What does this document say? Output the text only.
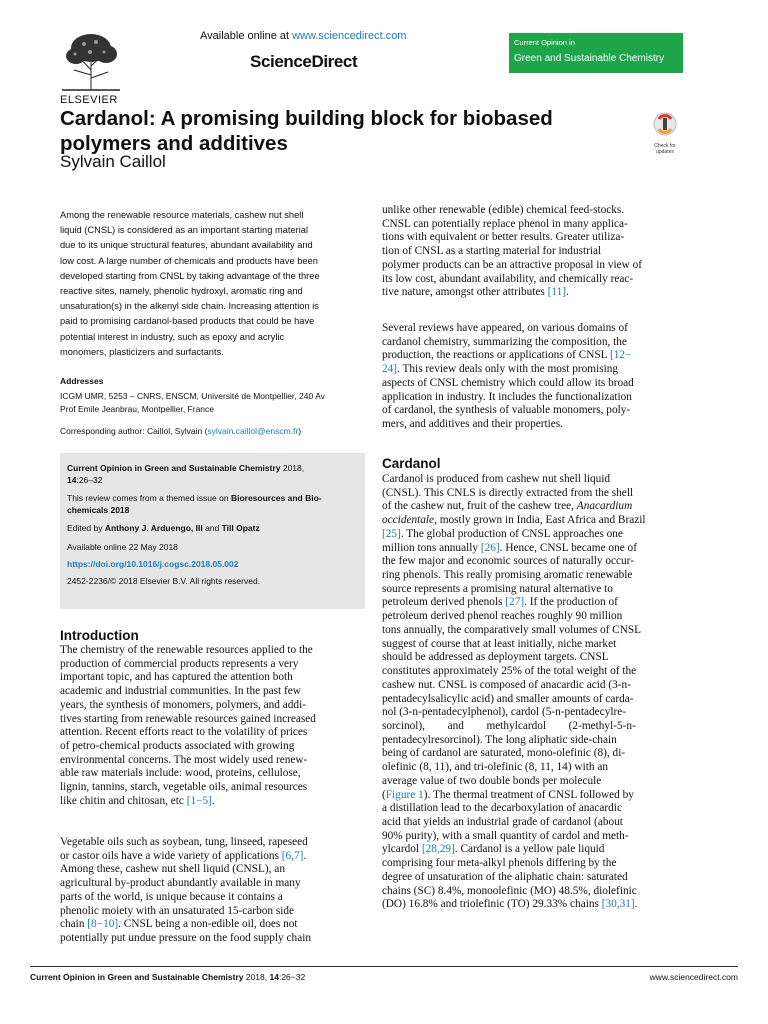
ELSEVIER
Available online at www.sciencedirect.com
ScienceDirect
Current Opinion in
Green and Sustainable Chemistry
Cardanol: A promising building block for biobased
polymers and additives
Sylvain Caillol
Check for
updates
Among the renewable resource materials, cashew nut shell
liquid (CNSL) is considered as an important starting material
due to its unique structural features, abundant availability and
low cost. A large number of chemicals and products have been
developed starting from CNSL by taking advantage of the three
reactive sites, namely, phenolic hydroxyl, aromatic ring and
unsaturation(s) in the alkenyl side chain. Increasing attention is
paid to promising cardanol-based products that could be have
potential interest in industry, such as epoxy and acrylic
monomers, plasticizers and surfactants.
Addresses
ICGM UMR, 5253 – CNRS, ENSCM, Université de Montpellier, 240 Av
Prof Emile Jeanbrau, Montpellier, France
Corresponding author: Caillol, Sylvain (sylvain.caillol@enscm.fr)
Current Opinion in Green and Sustainable Chemistry 2018,
14:26–32
This review comes from a themed issue on Bioresources and Bio-
chemicals 2018
Edited by Anthony J. Arduengo, III and Till Opatz
Available online 22 May 2018
https://doi.org/10.1016/j.cogsc.2018.05.002
2452-2236/© 2018 Elsevier B.V. All rights reserved.
Introduction
The chemistry of the renewable resources applied to the
production of commercial products represents a very
important topic, and has captured the attention both
academic and industrial communities. In the past few
years, the synthesis of monomers, polymers, and addi-
tives starting from renewable resources gained increased
attention. Recent efforts react to the volatility of prices
of petro-chemical products associated with growing
environmental concerns. The most widely used renew-
able raw materials include: wood, proteins, cellulose,
lignin, tannins, starch, vegetable oils, animal resources
like chitin and chitosan, etc [1−5].
Vegetable oils such as soybean, tung, linseed, rapeseed
or castor oils have a wide variety of applications [6,7].
Among these, cashew nut shell liquid (CNSL), an
agricultural by-product abundantly available in many
parts of the world, is unique because it contains a
phenolic moiety with an unsaturated 15-carbon side
chain [8−10]. CNSL being a non-edible oil, does not
potentially put undue pressure on the food supply chain
unlike other renewable (edible) chemical feed-stocks.
CNSL can potentially replace phenol in many applica-
tions with equivalent or better results. Greater utiliza-
tion of CNSL as a starting material for industrial
polymer products can be an attractive proposal in view of
its low cost, abundant availability, and chemically reac-
tive nature, amongst other attributes [11].
Several reviews have appeared, on various domains of
cardanol chemistry, summarizing the composition, the
production, the reactions or applications of CNSL [12−
24]. This review deals only with the most promising
aspects of CNSL chemistry which could allow its broad
application in industry. It includes the functionalization
of cardanol, the synthesis of valuable monomers, poly-
mers, and additives and their properties.
Cardanol
Cardanol is produced from cashew nut shell liquid
(CNSL). This CNLS is directly extracted from the shell
of the cashew nut, fruit of the cashew tree, Anacardium
occidentale, mostly grown in India, East Africa and Brazil
[25]. The global production of CNSL approaches one
million tons annually [26]. Hence, CNSL became one of
the few major and economic sources of naturally occur-
ring phenols. This really promising aromatic renewable
source represents a promising natural alternative to
petroleum derived phenols [27]. If the production of
petroleum derived phenol reaches roughly 90 million
tons annually, the comparatively small volumes of CNSL
suggest of course that at least initially, niche market
should be addressed as deployment targets. CNSL
constitutes approximately 25% of the total weight of the
cashew nut. CNSL is composed of anacardic acid (3-n-
pentadecylsalicylic acid) and smaller amounts of carda-
nol (3-n-pentadecylphenol), cardol (5-n-pentadecylre-
sorcinol),        and        methylcardol        (2-methyl-5-n-
pentadecylresorcinol). The long aliphatic side-chain
being of cardanol are saturated, mono-olefinic (8), di-
olefinic (8, 11), and tri-olefinic (8, 11, 14) with an
average value of two double bonds per molecule
(Figure 1). The thermal treatment of CNSL followed by
a distillation lead to the decarboxylation of anacardic
acid that yields an industrial grade of cardanol (about
90% purity), with a small quantity of cardol and meth-
ylcardol [28,29]. Cardanol is a yellow pale liquid
comprising four meta-alkyl phenols differing by the
degree of unsaturation of the aliphatic chain: saturated
chains (SC) 8.4%, monoolefinic (MO) 48.5%, diolefinic
(DO) 16.8% and triolefinic (TO) 29.33% chains [30,31].
Current Opinion in Green and Sustainable Chemistry 2018, 14:26−32	www.sciencedirect.com
